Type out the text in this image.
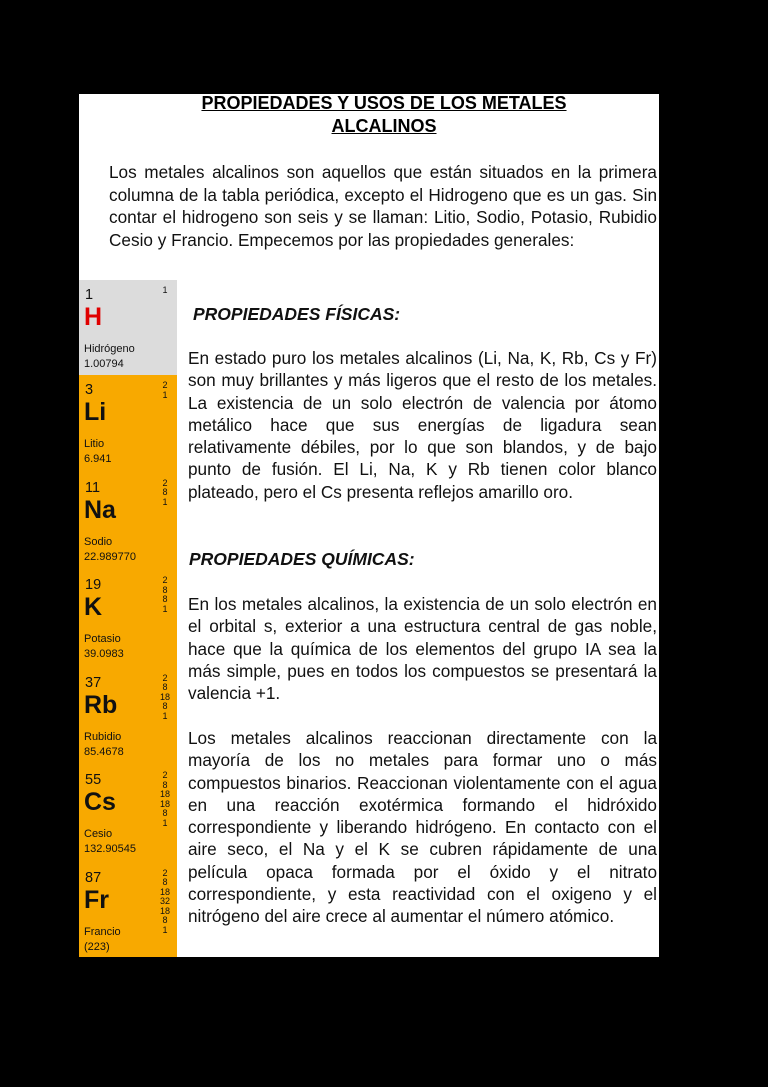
PROPIEDADES Y USOS DE LOS METALES
ALCALINOS

Los metales alcalinos son aquellos que están situados en la primera columna de la tabla periódica, excepto el Hidrogeno que es un gas. Sin contar el hidrogeno son seis y se llaman: Litio, Sodio, Potasio, Rubidio Cesio y Francio. Empecemos por las propiedades generales:

1
H
Hidrógeno
1.00794
1
3
Li
Litio
6.941
2
1
11
Na
Sodio
22.989770
2
8
1
19
K
Potasio
39.0983
2
8
8
1
37
Rb
Rubidio
85.4678
2
8
18
8
1
55
Cs
Cesio
132.90545
2
8
18
18
8
1
87
Fr
Francio
(223)
2
8
18
32
18
8
1
PROPIEDADES FÍSICAS:

En estado puro los metales alcalinos (Li, Na, K, Rb, Cs y Fr) son muy brillantes y más ligeros que el resto de los metales. La existencia de un solo electrón de valencia por átomo metálico hace que sus energías de ligadura sean relativamente débiles, por lo que son blandos, y de bajo punto de fusión. El Li, Na, K y Rb tienen color blanco plateado, pero el Cs presenta reflejos amarillo oro.

PROPIEDADES QUÍMICAS:

En los metales alcalinos, la existencia de un solo electrón en el orbital s, exterior a una estructura central de gas noble, hace que la química de los elementos del grupo IA sea la más simple, pues en todos los compuestos se presentará la valencia +1.

Los metales alcalinos reaccionan directamente con la mayoría de los no metales para formar uno o más compuestos binarios. Reaccionan violentamente con el agua en una reacción exotérmica formando el hidróxido correspondiente y liberando hidrógeno. En contacto con el aire seco, el Na y el K se cubren rápidamente de una película opaca formada por el óxido y el nitrato correspondiente, y esta reactividad con el oxigeno y el nitrógeno del aire crece al aumentar el número atómico.
